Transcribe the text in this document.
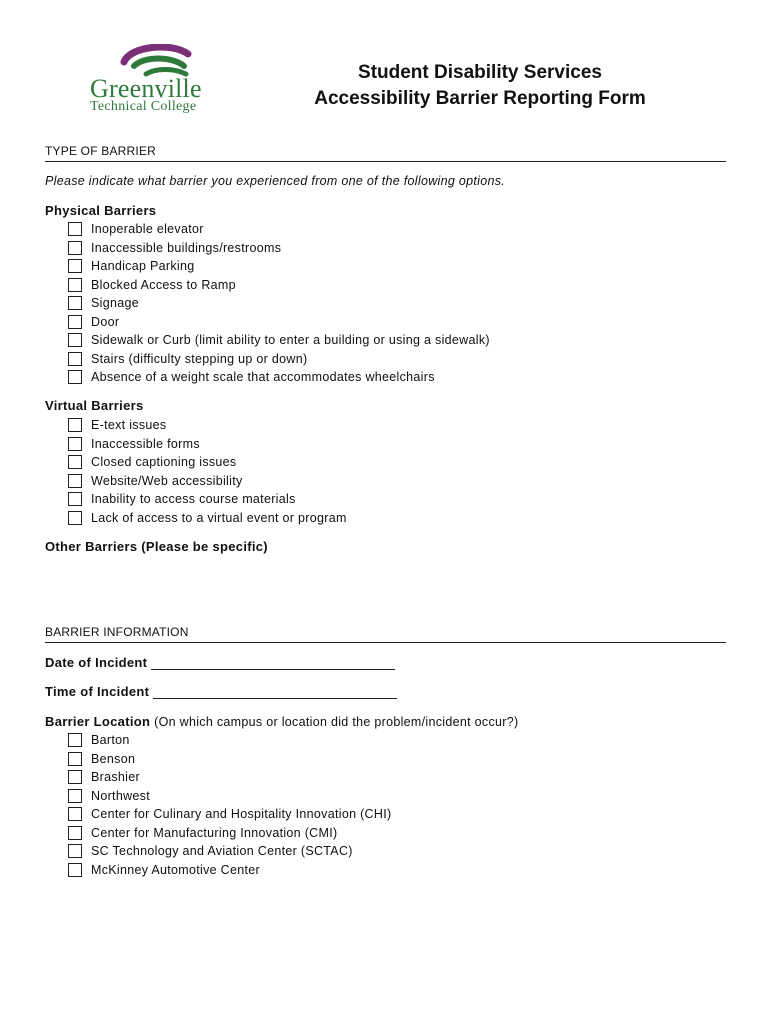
Greenville
Technical College
Student Disability Services
Accessibility Barrier Reporting Form
TYPE OF BARRIER
Please indicate what barrier you experienced from one of the following options.
Physical Barriers
Inoperable elevator
Inaccessible buildings/restrooms
Handicap Parking
Blocked Access to Ramp
Signage
Door
Sidewalk or Curb (limit ability to enter a building or using a sidewalk)
Stairs (difficulty stepping up or down)
Absence of a weight scale that accommodates wheelchairs
Virtual Barriers
E-text issues
Inaccessible forms
Closed captioning issues
Website/Web accessibility
Inability to access course materials
Lack of access to a virtual event or program
Other Barriers (Please be specific)
BARRIER INFORMATION
Date of Incident
Time of Incident
Barrier Location (On which campus or location did the problem/incident occur?)
Barton
Benson
Brashier
Northwest
Center for Culinary and Hospitality Innovation (CHI)
Center for Manufacturing Innovation (CMI)
SC Technology and Aviation Center (SCTAC)
McKinney Automotive Center
